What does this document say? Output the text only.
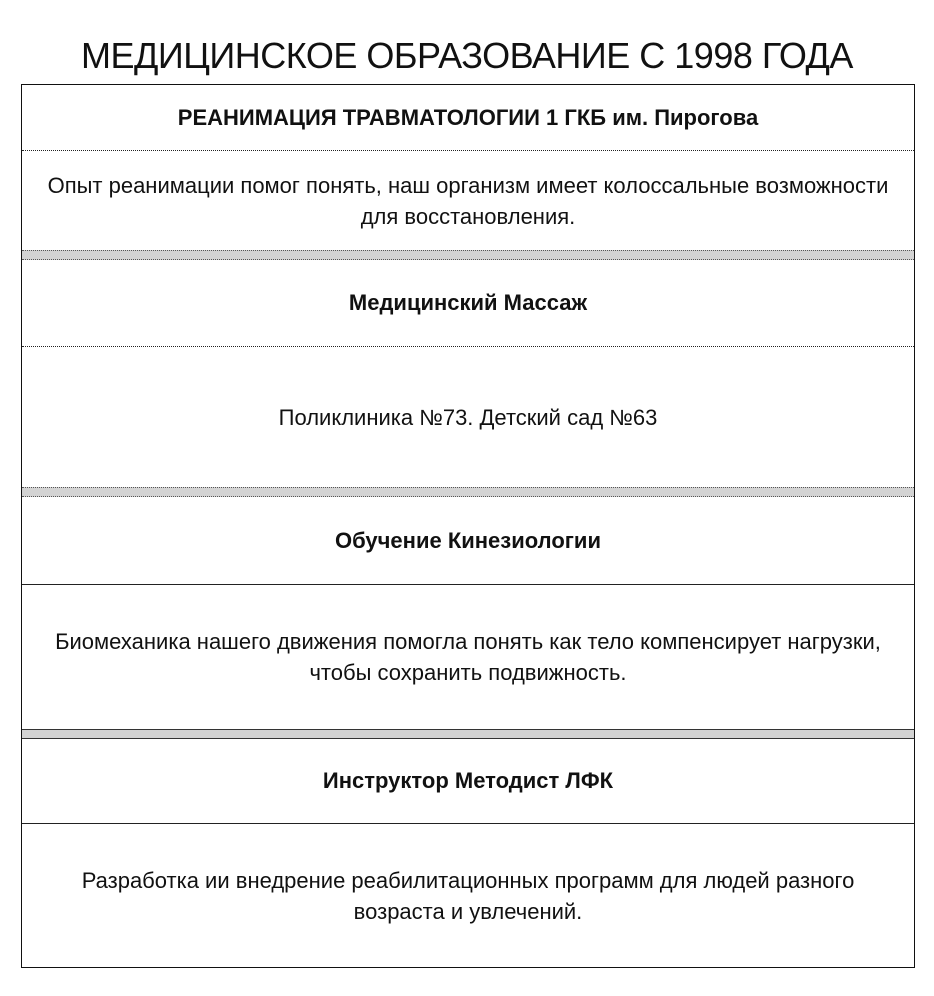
МЕДИЦИНСКОЕ ОБРАЗОВАНИЕ С 1998 ГОДА
РЕАНИМАЦИЯ ТРАВМАТОЛОГИИ 1 ГКБ им. Пирогова
Опыт реанимации помог понять, наш организм имеет колоссальные возможности для восстановления.
Медицинский Массаж
Поликлиника №73. Детский сад №63
Обучение Кинезиологии
Биомеханика нашего движения помогла понять как тело компенсирует нагрузки, чтобы сохранить подвижность.
Инструктор Методист ЛФК
Разработка ии внедрение реабилитационных программ для людей разного возраста и увлечений.
